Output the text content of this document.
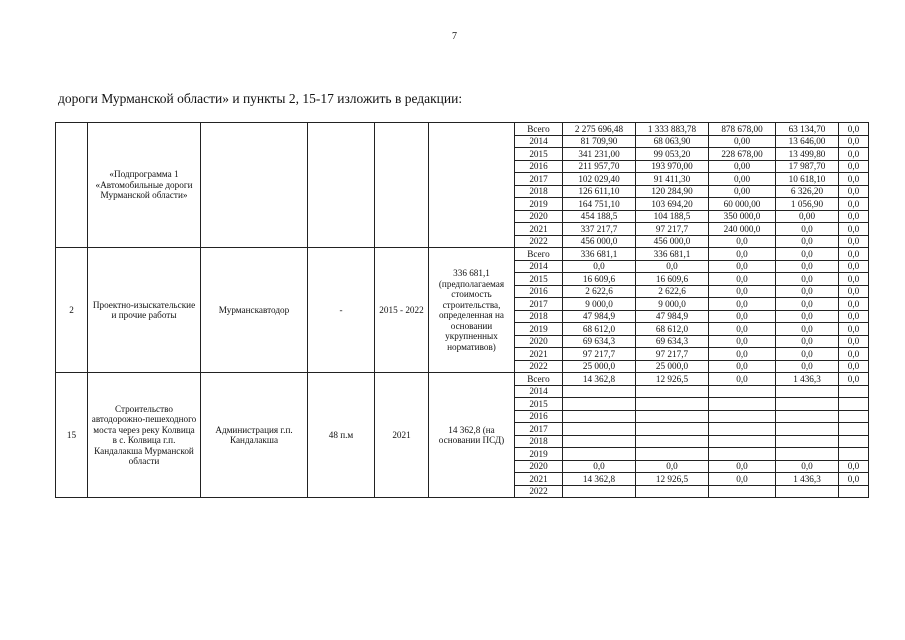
7
дороги Мурманской области» и пункты 2, 15-17 изложить в редакции:
	«Подпрограмма 1 «Автомобильные дороги Мурманской области»					Всего	2 275 696,48	1 333 883,78	878 678,00	63 134,70	0,0
						2014	81 709,90	68 063,90	0,00	13 646,00	0,0
						2015	341 231,00	99 053,20	228 678,00	13 499,80	0,0
						2016	211 957,70	193 970,00	0,00	17 987,70	0,0
						2017	102 029,40	91 411,30	0,00	10 618,10	0,0
						2018	126 611,10	120 284,90	0,00	6 326,20	0,0
						2019	164 751,10	103 694,20	60 000,00	1 056,90	0,0
						2020	454 188,5	104 188,5	350 000,0	0,00	0,0
						2021	337 217,7	97 217,7	240 000,0	0,0	0,0
						2022	456 000,0	456 000,0	0,0	0,0	0,0
2	Проектно-изыскательские и прочие работы	Мурманскавтодор	-	2015 - 2022	336 681,1 (предполагаемая стоимость строительства, определенная на основании укрупненных нормативов)	Всего	336 681,1	336 681,1	0,0	0,0	0,0
						2014	0,0	0,0	0,0	0,0	0,0
						2015	16 609,6	16 609,6	0,0	0,0	0,0
						2016	2 622,6	2 622,6	0,0	0,0	0,0
						2017	9 000,0	9 000,0	0,0	0,0	0,0
						2018	47 984,9	47 984,9	0,0	0,0	0,0
						2019	68 612,0	68 612,0	0,0	0,0	0,0
						2020	69 634,3	69 634,3	0,0	0,0	0,0
						2021	97 217,7	97 217,7	0,0	0,0	0,0
						2022	25 000,0	25 000,0	0,0	0,0	0,0
15	Строительство автодорожно-пешеходного моста через реку Колвица в с. Колвица г.п. Кандалакша Мурманской области	Администрация г.п. Кандалакша	48 п.м	2021	14 362,8 (на основании ПСД)	Всего	14 362,8	12 926,5	0,0	1 436,3	0,0
						2014					
						2015					
						2016					
						2017					
						2018					
						2019					
						2020	0,0	0,0	0,0	0,0	0,0
						2021	14 362,8	12 926,5	0,0	1 436,3	0,0
						2022					
